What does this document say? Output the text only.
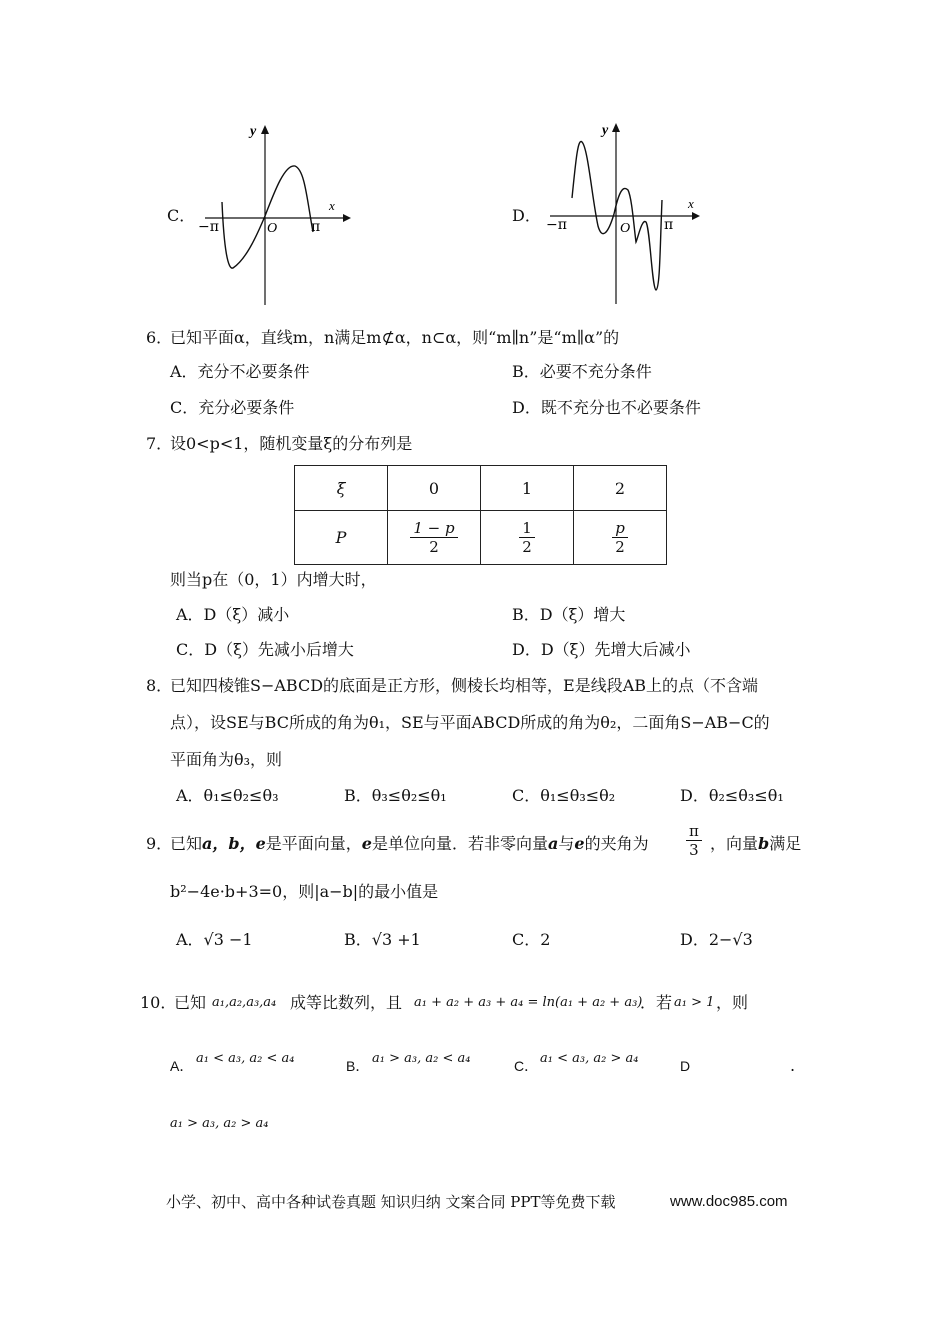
C．
y
x
−π	O π
D．
y
x
−π	O π
6．
已知平面α，直线m，n满足m⊄α，n⊂α，则“m∥n”是“m∥α”的
A．充分不必要条件	B．必要不充分条件
C．充分必要条件	D．既不充分也不必要条件
7．
设0<p<1，随机变量ξ的分布列是
ξ	0	1	2
P	$\frac{1 - p}{2}$	$\frac{1}{2}$	$\frac{p}{2}$
则当p在（0，1）内增大时，
A．D（ξ）减小	B．D（ξ）增大
C．D（ξ）先减小后增大	D．D（ξ）先增大后减小
8．
已知四棱锥S−ABCD的底面是正方形，侧棱长均相等，E是线段AB上的点（不含端
点），设SE与BC所成的角为θ₁，SE与平面ABCD所成的角为θ₂，二面角S−AB−C的
平面角为θ₃，则
A．θ₁≤θ₂≤θ₃	B．θ₃≤θ₂≤θ₁	C．θ₁≤θ₃≤θ₂	D．θ₂≤θ₃≤θ₁
9．
已知a，b，e是平面向量，e是单位向量．若非零向量a与e的夹角为 $\frac{\pi}{3}$ ，向量b满足
b²−4e·b+3=0，则|a−b|的最小值是
A．√3 −1	B．√3 +1	C．2	D．2−√3
10．
已知 a₁,a₂,a₃,a₄ 成等比数列，且 a₁ + a₂ + a₃ + a₄ = ln(a₁ + a₂ + a₃)
．若 a₁ > 1 ，则
A． a₁ < a₃, a₂ < a₄	B． a₁ > a₃, a₂ < a₄	C． a₁ < a₃, a₂ > a₄	D	.
a₁ > a₃, a₂ > a₄
小学、初中、高中各种试卷真题 知识归纳 文案合同 PPT等免费下载	www.doc985.com
